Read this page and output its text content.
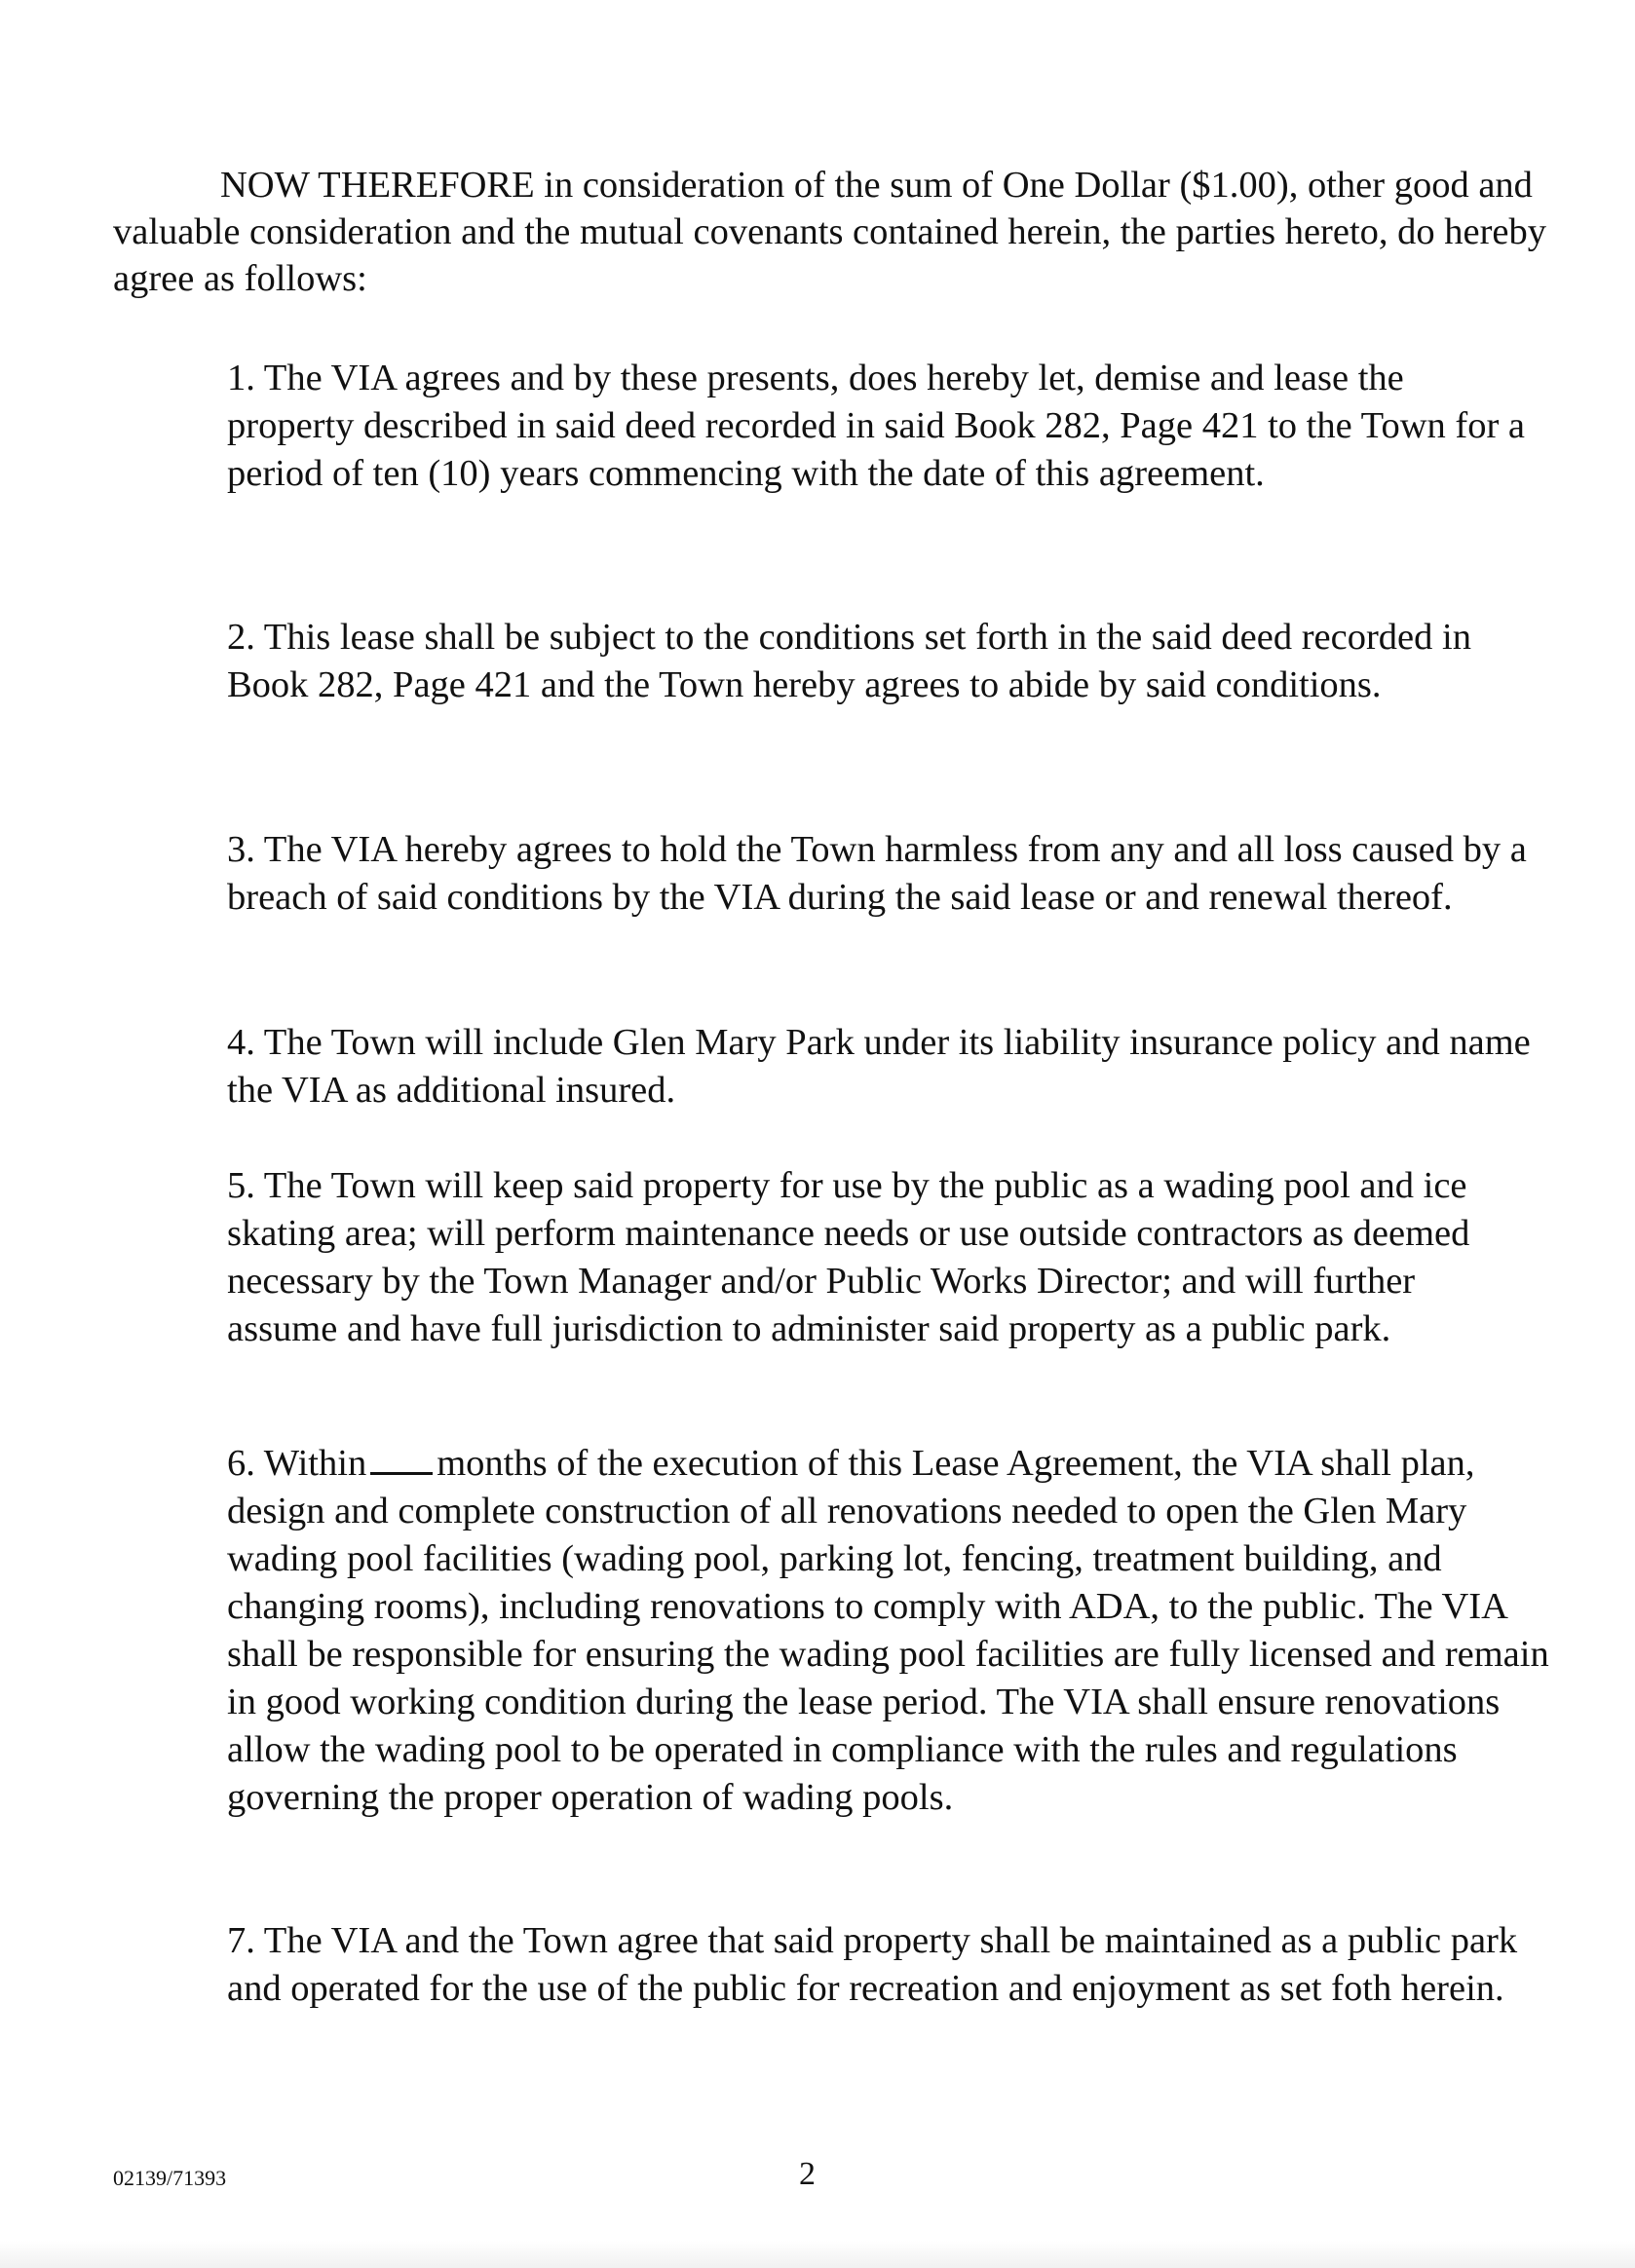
NOW THEREFORE in consideration of the sum of One Dollar ($1.00), other good and valuable consideration and the mutual covenants contained herein, the parties hereto, do hereby agree as follows:

1. The VIA agrees and by these presents, does hereby let, demise and lease the property described in said deed recorded in said Book 282, Page 421 to the Town for a period of ten (10) years commencing with the date of this agreement.

2. This lease shall be subject to the conditions set forth in the said deed recorded in Book 282, Page 421 and the Town hereby agrees to abide by said conditions.

3. The VIA hereby agrees to hold the Town harmless from any and all loss caused by a breach of said conditions by the VIA during the said lease or and renewal thereof.

4. The Town will include Glen Mary Park under its liability insurance policy and name the VIA as additional insured.

5. The Town will keep said property for use by the public as a wading pool and ice skating area; will perform maintenance needs or use outside contractors as deemed necessary by the Town Manager and/or Public Works Director; and will further assume and have full jurisdiction to administer said property as a public park.

6. Within months of the execution of this Lease Agreement, the VIA shall plan, design and complete construction of all renovations needed to open the Glen Mary wading pool facilities (wading pool, parking lot, fencing, treatment building, and changing rooms), including renovations to comply with ADA, to the public. The VIA shall be responsible for ensuring the wading pool facilities are fully licensed and remain in good working condition during the lease period. The VIA shall ensure renovations allow the wading pool to be operated in compliance with the rules and regulations governing the proper operation of wading pools.

7. The VIA and the Town agree that said property shall be maintained as a public park and operated for the use of the public for recreation and enjoyment as set foth herein.

02139/71393	2
